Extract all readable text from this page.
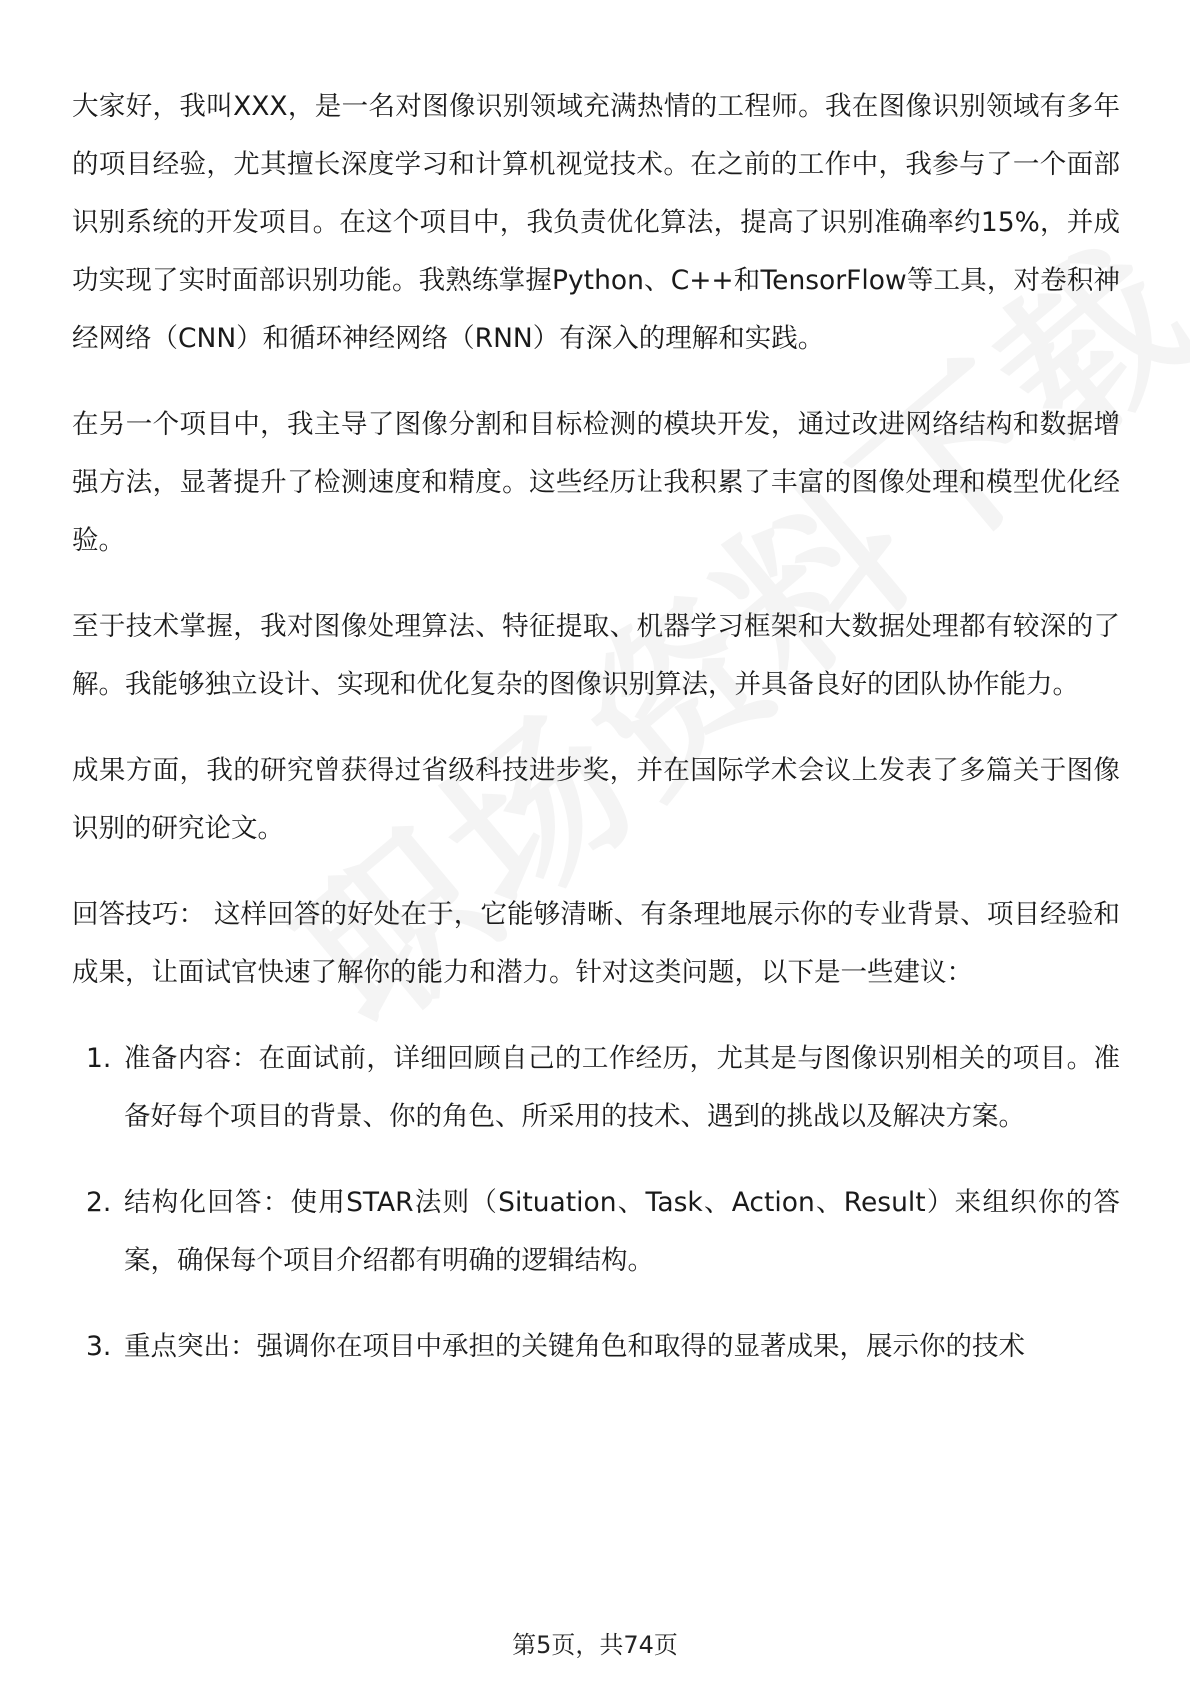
大家好，我叫XXX，是一名对图像识别领域充满热情的工程师。我在图像识别领域有多年的项目经验，尤其擅长深度学习和计算机视觉技术。在之前的工作中，我参与了一个面部识别系统的开发项目。在这个项目中，我负责优化算法，提高了识别准确率约15%，并成功实现了实时面部识别功能。我熟练掌握Python、C++和TensorFlow等工具，对卷积神经网络（CNN）和循环神经网络（RNN）有深入的理解和实践。

在另一个项目中，我主导了图像分割和目标检测的模块开发，通过改进网络结构和数据增强方法，显著提升了检测速度和精度。这些经历让我积累了丰富的图像处理和模型优化经验。

至于技术掌握，我对图像处理算法、特征提取、机器学习框架和大数据处理都有较深的了解。我能够独立设计、实现和优化复杂的图像识别算法，并具备良好的团队协作能力。

成果方面，我的研究曾获得过省级科技进步奖，并在国际学术会议上发表了多篇关于图像识别的研究论文。

回答技巧： 这样回答的好处在于，它能够清晰、有条理地展示你的专业背景、项目经验和成果，让面试官快速了解你的能力和潜力。针对这类问题，以下是一些建议：

1. 准备内容：在面试前，详细回顾自己的工作经历，尤其是与图像识别相关的项目。准备好每个项目的背景、你的角色、所采用的技术、遇到的挑战以及解决方案。
2. 结构化回答：使用STAR法则（Situation、Task、Action、Result）来组织你的答案，确保每个项目介绍都有明确的逻辑结构。
3. 重点突出：强调你在项目中承担的关键角色和取得的显著成果，展示你的技术
第5页，共74页
